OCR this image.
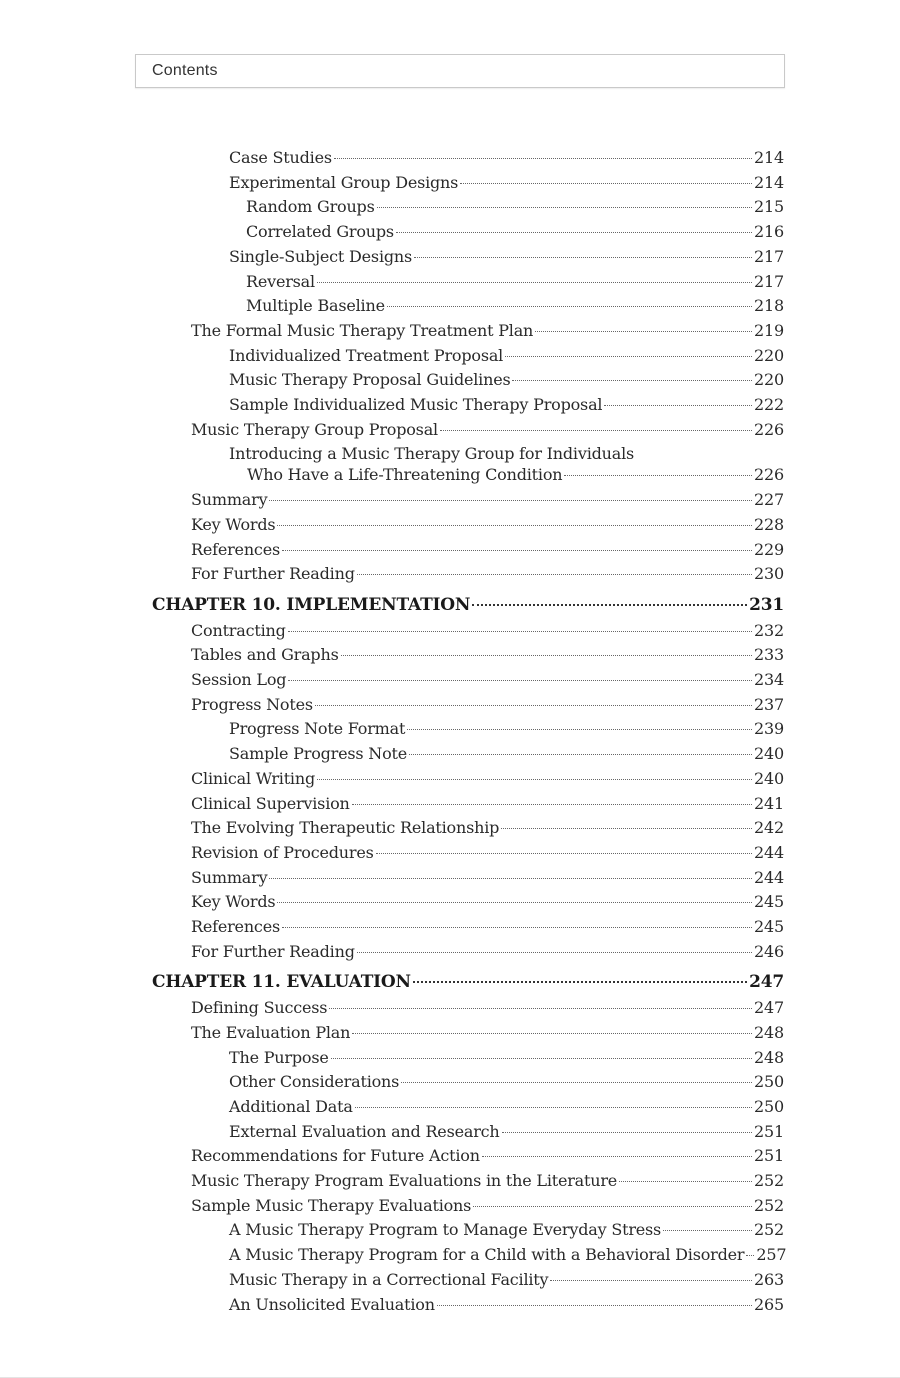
Contents
Case Studies	214
Experimental Group Designs	214
Random Groups	215
Correlated Groups	216
Single-Subject Designs	217
Reversal	217
Multiple Baseline	218
The Formal Music Therapy Treatment Plan	219
Individualized Treatment Proposal	220
Music Therapy Proposal Guidelines	220
Sample Individualized Music Therapy Proposal	222
Music Therapy Group Proposal	226
Introducing a Music Therapy Group for Individuals
Who Have a Life-Threatening Condition	226
Summary	227
Key Words	228
References	229
For Further Reading	230
CHAPTER 10. IMPLEMENTATION	231
Contracting	232
Tables and Graphs	233
Session Log	234
Progress Notes	237
Progress Note Format	239
Sample Progress Note	240
Clinical Writing	240
Clinical Supervision	241
The Evolving Therapeutic Relationship	242
Revision of Procedures	244
Summary	244
Key Words	245
References	245
For Further Reading	246
CHAPTER 11. EVALUATION	247
Defining Success	247
The Evaluation Plan	248
The Purpose	248
Other Considerations	250
Additional Data	250
External Evaluation and Research	251
Recommendations for Future Action	251
Music Therapy Program Evaluations in the Literature	252
Sample Music Therapy Evaluations	252
A Music Therapy Program to Manage Everyday Stress	252
A Music Therapy Program for a Child with a Behavioral Disorder 257
Music Therapy in a Correctional Facility	263
An Unsolicited Evaluation	265
